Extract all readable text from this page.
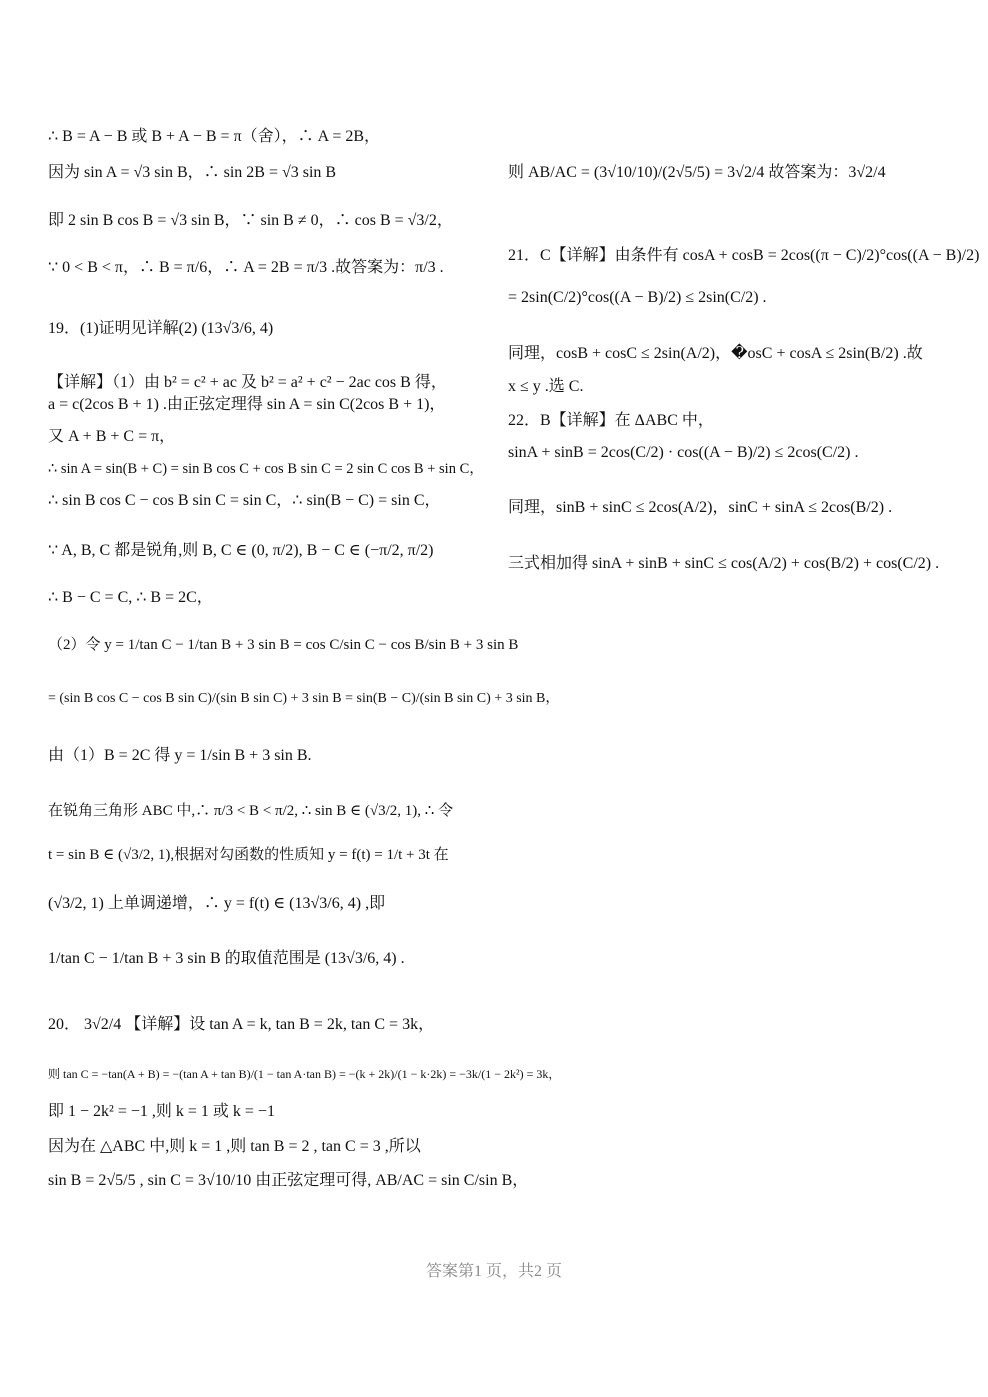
∴ B = A − B 或 B + A − B = π（舍），∴ A = 2B，
因为 sin A = √3 sin B，∴ sin 2B = √3 sin B
即 2 sin B cos B = √3 sin B，∵ sin B ≠ 0，∴ cos B = √3/2，
∵ 0 < B < π，∴ B = π/6，∴ A = 2B = π/3 .故答案为：π/3 .
19．(1)证明见详解(2) (13√3/6, 4)
【详解】（1）由 b² = c² + ac 及 b² = a² + c² − 2ac cos B 得，
a = c(2cos B + 1) .由正弦定理得 sin A = sin C(2cos B + 1)，
又 A + B + C = π，
∴ sin A = sin(B + C) = sin B cos C + cos B sin C = 2 sin C cos B + sin C，
∴ sin B cos C − cos B sin C = sin C，∴ sin(B − C) = sin C，
∵ A, B, C 都是锐角,则 B, C ∈ (0, π/2), B − C ∈ (−π/2, π/2)
∴ B − C = C, ∴ B = 2C，
（2）令 y = 1/tan C − 1/tan B + 3 sin B = cos C/sin C − cos B/sin B + 3 sin B
= (sin B cos C − cos B sin C)/(sin B sin C) + 3 sin B = sin(B − C)/(sin B sin C) + 3 sin B，
由（1）B = 2C 得 y = 1/sin B + 3 sin B.
在锐角三角形 ABC 中,∴ π/3 < B < π/2, ∴ sin B ∈ (√3/2, 1), ∴ 令
t = sin B ∈ (√3/2, 1),根据对勾函数的性质知 y = f(t) = 1/t + 3t 在
(√3/2, 1) 上单调递增，∴ y = f(t) ∈ (13√3/6, 4) ,即
1/tan C − 1/tan B + 3 sin B 的取值范围是 (13√3/6, 4) .
20． 3√2/4 【详解】设 tan A = k, tan B = 2k, tan C = 3k，
则 tan C = −tan(A + B) = −(tan A + tan B)/(1 − tan A·tan B) = −(k + 2k)/(1 − k·2k) = −3k/(1 − 2k²) = 3k，
即 1 − 2k² = −1 ,则 k = 1 或 k = −1
因为在 △ABC 中,则 k = 1 ,则 tan B = 2 , tan C = 3 ,所以
sin B = 2√5/5 , sin C = 3√10/10 由正弦定理可得, AB/AC = sin C/sin B，
则 AB/AC = (3√10/10)/(2√5/5) = 3√2/4 故答案为：3√2/4
21．C【详解】由条件有 cosA + cosB = 2cos((π − C)/2)°cos((A − B)/2)
= 2sin(C/2)°cos((A − B)/2) ≤ 2sin(C/2) .
同理，cosB + cosC ≤ 2sin(A/2)，�osC + cosA ≤ 2sin(B/2) .故
x ≤ y .选 C.
22．B【详解】在 ΔABC 中，
sinA + sinB = 2cos(C/2) · cos((A − B)/2) ≤ 2cos(C/2) .
同理，sinB + sinC ≤ 2cos(A/2)，sinC + sinA ≤ 2cos(B/2) .
三式相加得 sinA + sinB + sinC ≤ cos(A/2) + cos(B/2) + cos(C/2) .
答案第1 页，共2 页
